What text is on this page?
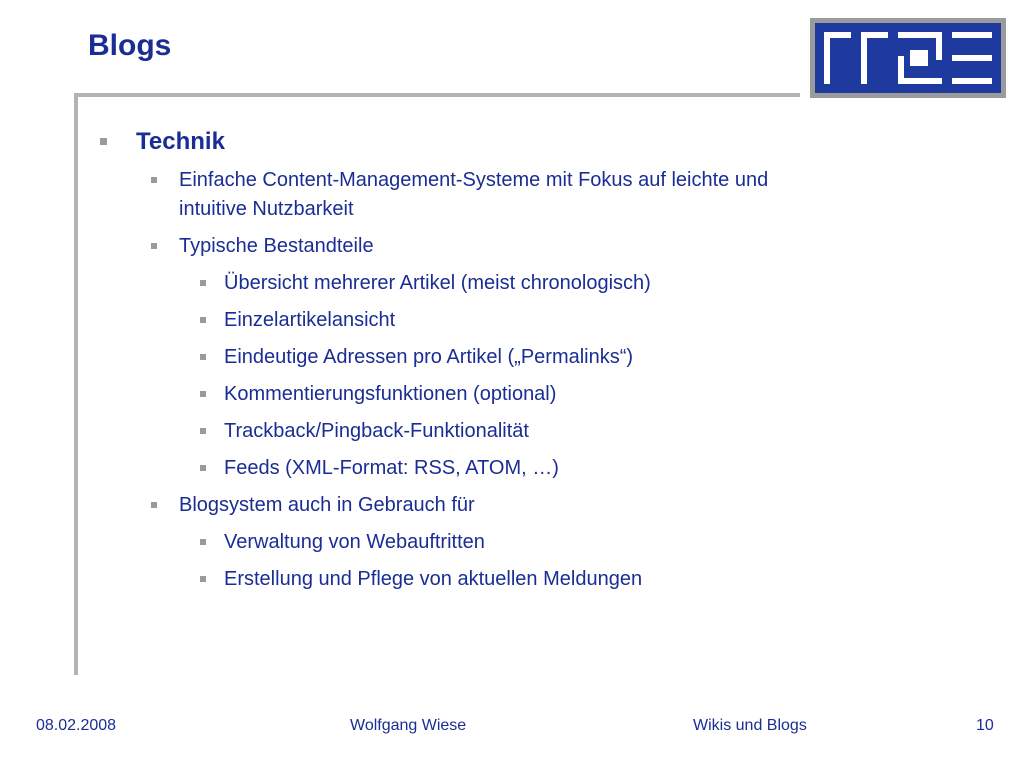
Blogs
Technik
Einfache Content-Management-Systeme mit Fokus auf leichte und intuitive Nutzbarkeit
Typische Bestandteile
Übersicht mehrerer Artikel (meist chronologisch)
Einzelartikelansicht
Eindeutige Adressen pro Artikel („Permalinks“)
Kommentierungsfunktionen (optional)
Trackback/Pingback-Funktionalität
Feeds (XML-Format: RSS, ATOM, …)
Blogsystem auch in Gebrauch für
Verwaltung von Webauftritten
Erstellung und Pflege von aktuellen Meldungen
08.02.2008	Wolfgang Wiese	Wikis und Blogs	10
